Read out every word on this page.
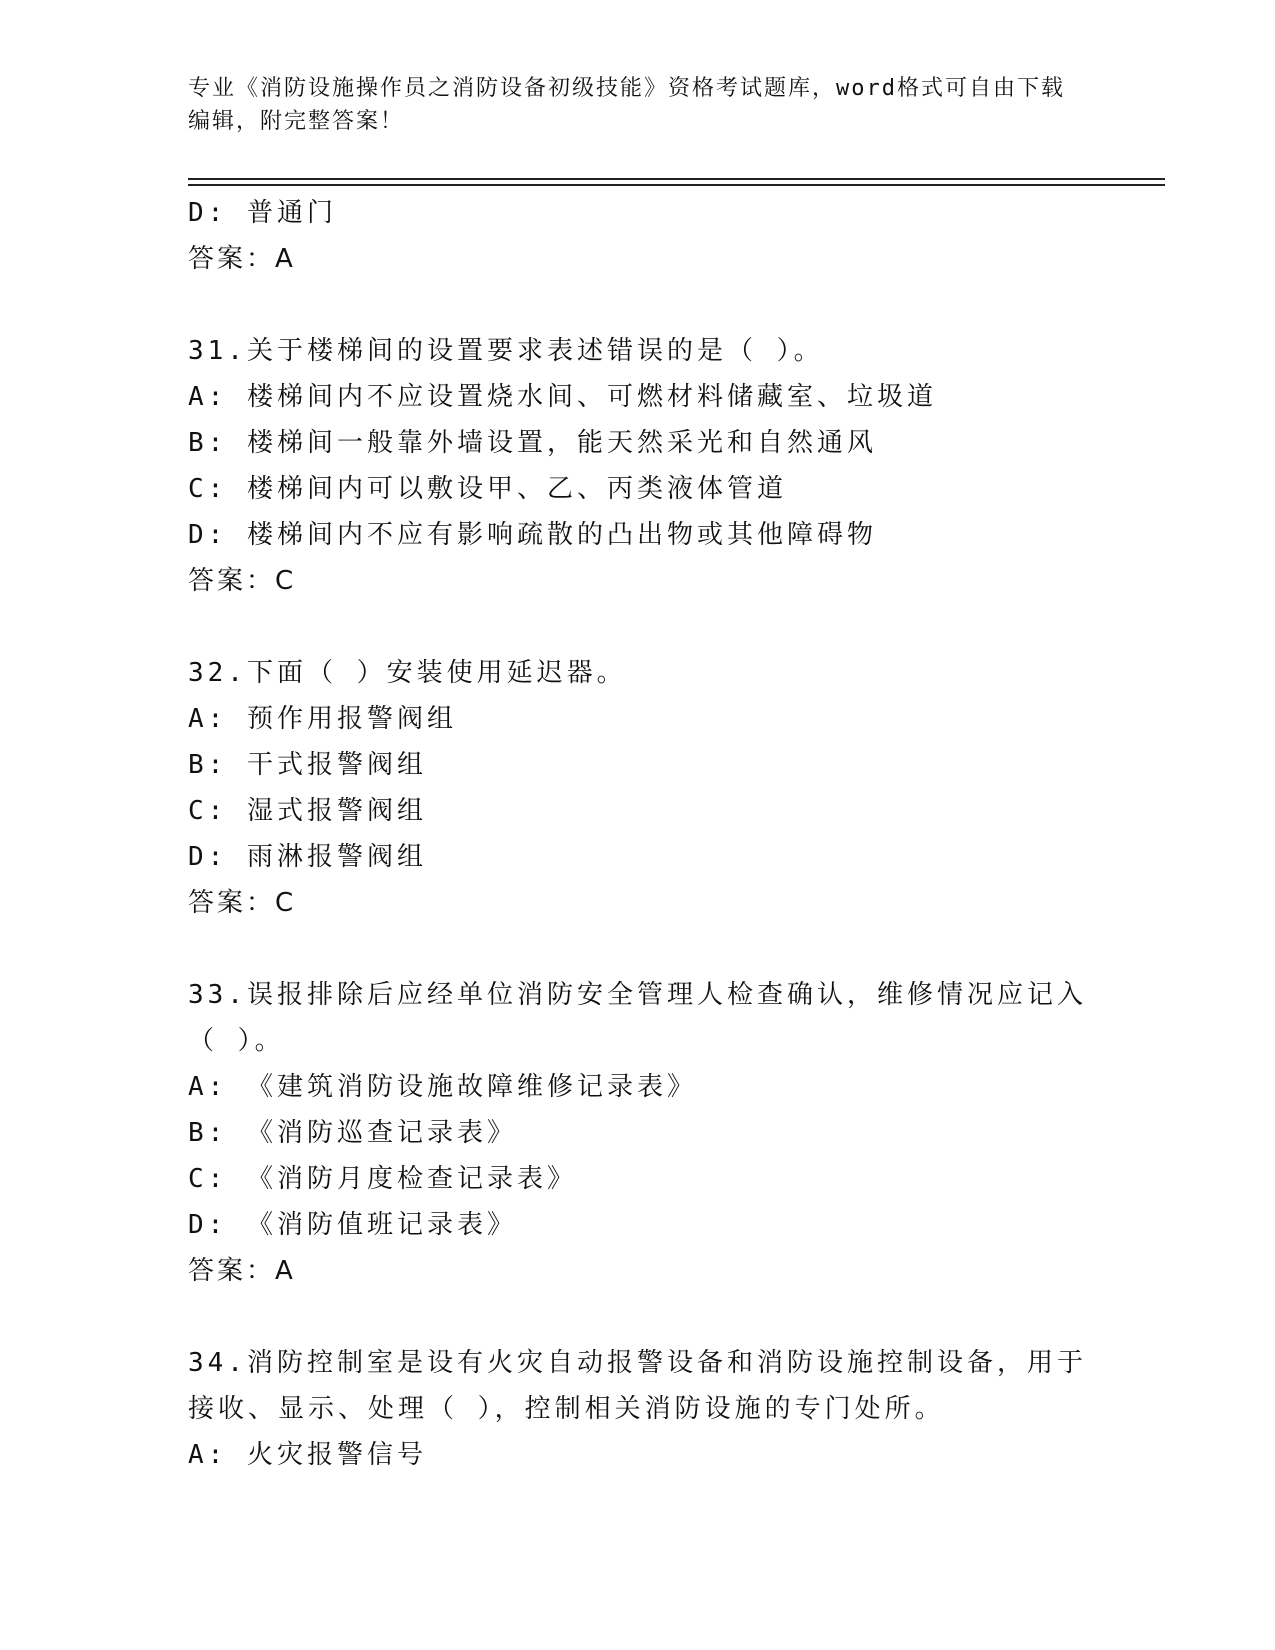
专业《消防设施操作员之消防设备初级技能》资格考试题库，word格式可自由下载编辑，附完整答案！
D: 普通门
答案：A
31.关于楼梯间的设置要求表述错误的是（ ）。
A: 楼梯间内不应设置烧水间、可燃材料储藏室、垃圾道
B: 楼梯间一般靠外墙设置，能天然采光和自然通风
C: 楼梯间内可以敷设甲、乙、丙类液体管道
D: 楼梯间内不应有影响疏散的凸出物或其他障碍物
答案：C
32.下面（ ）安装使用延迟器。
A: 预作用报警阀组
B: 干式报警阀组
C: 湿式报警阀组
D: 雨淋报警阀组
答案：C
33.误报排除后应经单位消防安全管理人检查确认，维修情况应记入（ ）。
A: 《建筑消防设施故障维修记录表》
B: 《消防巡查记录表》
C: 《消防月度检查记录表》
D: 《消防值班记录表》
答案：A
34.消防控制室是设有火灾自动报警设备和消防设施控制设备，用于接收、显示、处理（ ），控制相关消防设施的专门处所。
A: 火灾报警信号
